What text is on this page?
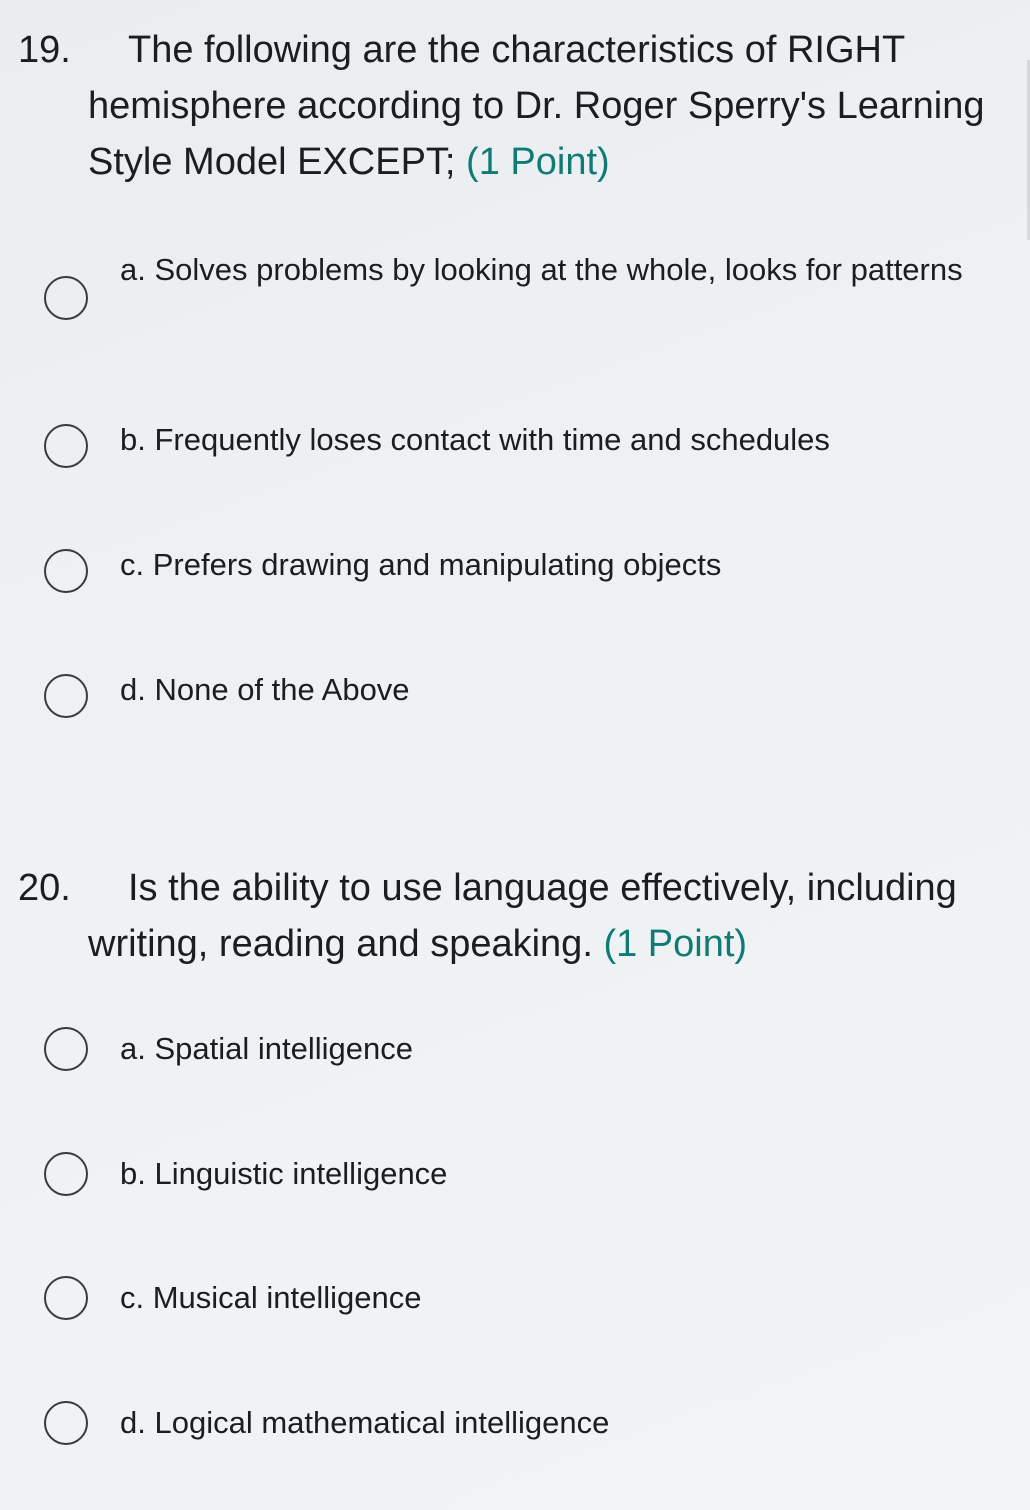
19.	The following are the characteristics of RIGHT hemisphere according to Dr. Roger Sperry's Learning Style Model EXCEPT; (1 Point)
a. Solves problems by looking at the whole, looks for patterns
b. Frequently loses contact with time and schedules
c. Prefers drawing and manipulating objects
d. None of the Above
20.	Is the ability to use language effectively, including writing, reading and speaking. (1 Point)
a. Spatial intelligence
b. Linguistic intelligence
c. Musical intelligence
d. Logical mathematical intelligence
